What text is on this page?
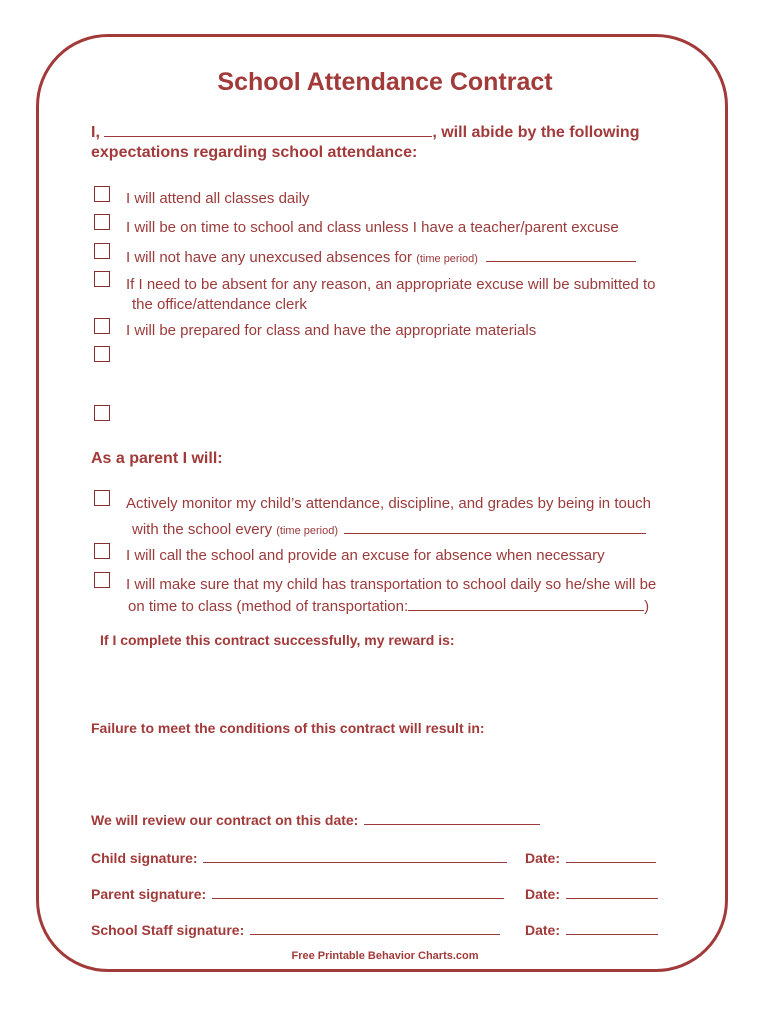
School Attendance Contract
I,	, will abide by the following
expectations regarding school attendance:
I will attend all classes daily
I will be on time to school and class unless I have a teacher/parent excuse
I will not have any unexcused absences for (time period)
If I need to be absent for any reason, an appropriate excuse will be submitted to
the office/attendance clerk
I will be prepared for class and have the appropriate materials
As a parent I will:
Actively monitor my child’s attendance, discipline, and grades by being in touch
with the school every (time period)
I will call the school and provide an excuse for absence when necessary
I will make sure that my child has transportation to school daily so he/she will be
on time to class (method of transportation:	)
If I complete this contract successfully, my reward is:
Failure to meet the conditions of this contract will result in:
We will review our contract on this date:
Child signature:	Date:
Parent signature:	Date:
School Staff signature:	Date:
Free Printable Behavior Charts.com
